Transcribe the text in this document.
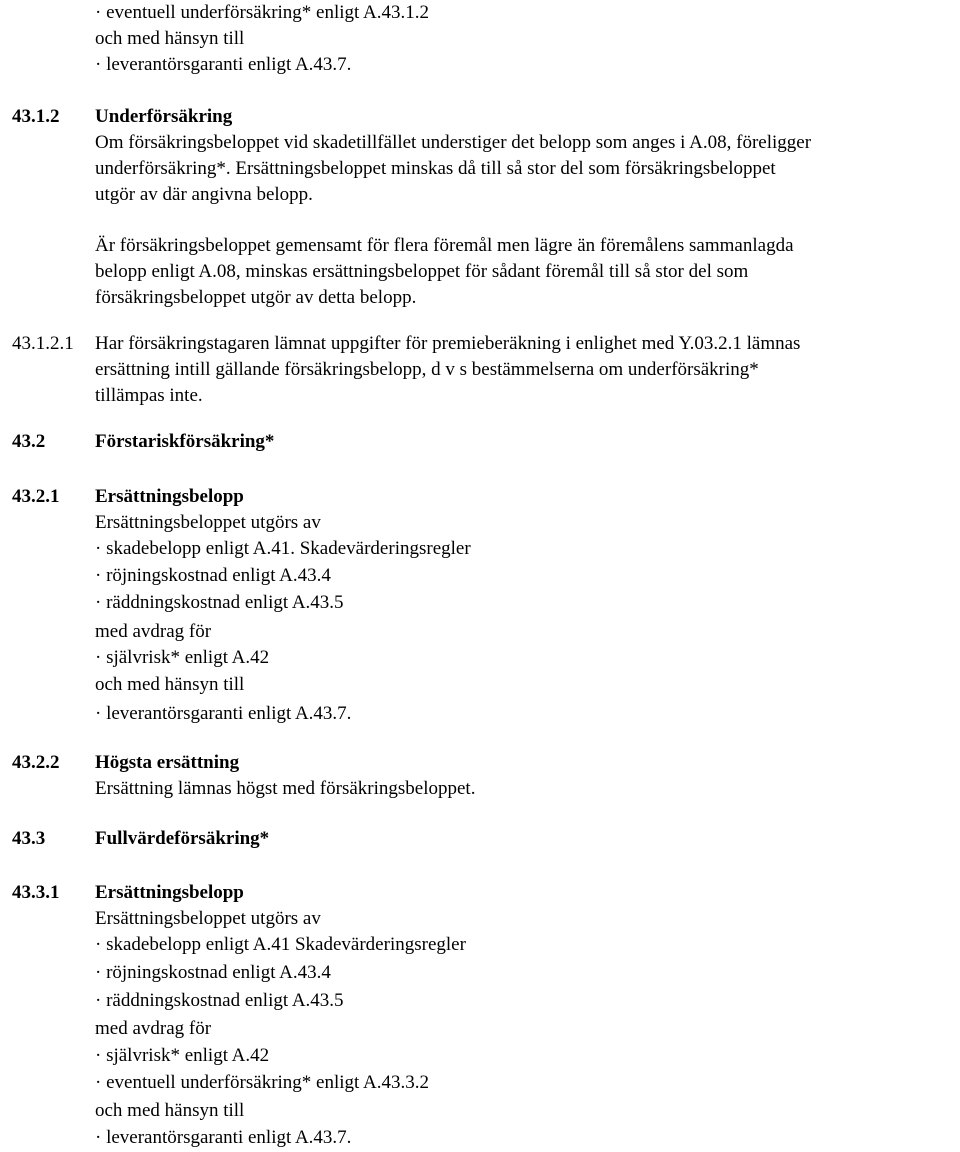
· eventuell underförsäkring* enligt A.43.1.2
och med hänsyn till
· leverantörsgaranti enligt A.43.7.
43.1.2 Underförsäkring
Om försäkringsbeloppet vid skadetillfället understiger det belopp som anges i A.08, föreligger
underförsäkring*. Ersättningsbeloppet minskas då till så stor del som försäkringsbeloppet
utgör av där angivna belopp.
Är försäkringsbeloppet gemensamt för flera föremål men lägre än föremålens sammanlagda
belopp enligt A.08, minskas ersättningsbeloppet för sådant föremål till så stor del som
försäkringsbeloppet utgör av detta belopp.
43.1.2.1 Har försäkringstagaren lämnat uppgifter för premieberäkning i enlighet med Y.03.2.1 lämnas
ersättning intill gällande försäkringsbelopp, d v s bestämmelserna om underförsäkring*
tillämpas inte.
43.2	Förstariskförsäkring*
43.2.1 Ersättningsbelopp
Ersättningsbeloppet utgörs av
· skadebelopp enligt A.41. Skadevärderingsregler
· röjningskostnad enligt A.43.4
· räddningskostnad enligt A.43.5
med avdrag för
· självrisk* enligt A.42
och med hänsyn till
· leverantörsgaranti enligt A.43.7.
43.2.2 Högsta ersättning
Ersättning lämnas högst med försäkringsbeloppet.
43.3	Fullvärdeförsäkring*
43.3.1 Ersättningsbelopp
Ersättningsbeloppet utgörs av
· skadebelopp enligt A.41 Skadevärderingsregler
· röjningskostnad enligt A.43.4
· räddningskostnad enligt A.43.5
med avdrag för
· självrisk* enligt A.42
· eventuell underförsäkring* enligt A.43.3.2
och med hänsyn till
· leverantörsgaranti enligt A.43.7.
